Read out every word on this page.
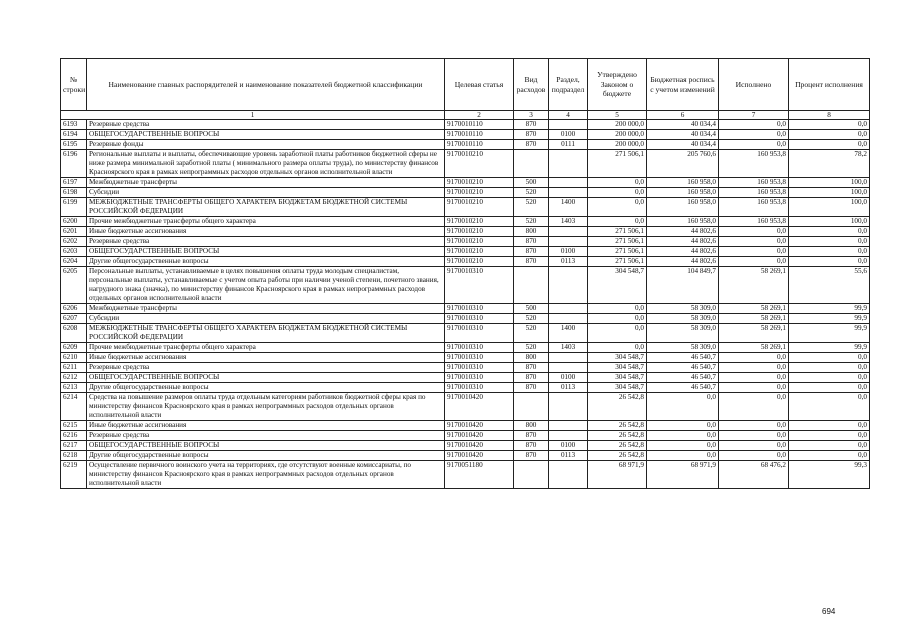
№ строки	Наименование главных распорядителей и наименование показателей бюджетной классификации	Целевая статья	Вид расходов	Раздел, подраздел	Утверждено Законом о бюджете	Бюджетная роспись с учетом изменений	Исполнено	Процент исполнения
1		2	3	4	5	6	7	8
6193	Резервные средства	9170010110	870		200 000,0	40 034,4	0,0	0,0
6194	ОБЩЕГОСУДАРСТВЕННЫЕ ВОПРОСЫ	9170010110	870	0100	200 000,0	40 034,4	0,0	0,0
6195	Резервные фонды	9170010110	870	0111	200 000,0	40 034,4	0,0	0,0
6196	Региональные выплаты и выплаты, обеспечивающие уровень заработной платы работников бюджетной сферы не ниже размера минимальной заработной платы ( минимального размера оплаты труда), по министерству финансов Красноярского края в рамках непрограммных расходов отдельных органов исполнительной власти	9170010210			271 506,1	205 760,6	160 953,8	78,2
6197	Межбюджетные трансферты	9170010210	500		0,0	160 958,0	160 953,8	100,0
6198	Субсидии	9170010210	520		0,0	160 958,0	160 953,8	100,0
6199	МЕЖБЮДЖЕТНЫЕ ТРАНСФЕРТЫ ОБЩЕГО ХАРАКТЕРА БЮДЖЕТАМ БЮДЖЕТНОЙ СИСТЕМЫ РОССИЙСКОЙ ФЕДЕРАЦИИ	9170010210	520	1400	0,0	160 958,0	160 953,8	100,0
6200	Прочие межбюджетные трансферты общего характера	9170010210	520	1403	0,0	160 958,0	160 953,8	100,0
6201	Иные бюджетные ассигнования	9170010210	800		271 506,1	44 802,6	0,0	0,0
6202	Резервные средства	9170010210	870		271 506,1	44 802,6	0,0	0,0
6203	ОБЩЕГОСУДАРСТВЕННЫЕ ВОПРОСЫ	9170010210	870	0100	271 506,1	44 802,6	0,0	0,0
6204	Другие общегосударственные вопросы	9170010210	870	0113	271 506,1	44 802,6	0,0	0,0
6205	Персональные выплаты, устанавливаемые в целях повышения оплаты труда молодым специалистам, персональные выплаты, устанавливаемые с учетом опыта работы при наличии ученой степени, почетного звания, нагрудного знака (значка), по министерству финансов Красноярского края в рамках непрограммных расходов отдельных органов исполнительной власти	9170010310			304 548,7	104 849,7	58 269,1	55,6
6206	Межбюджетные трансферты	9170010310	500		0,0	58 309,0	58 269,1	99,9
6207	Субсидии	9170010310	520		0,0	58 309,0	58 269,1	99,9
6208	МЕЖБЮДЖЕТНЫЕ ТРАНСФЕРТЫ ОБЩЕГО ХАРАКТЕРА БЮДЖЕТАМ БЮДЖЕТНОЙ СИСТЕМЫ РОССИЙСКОЙ ФЕДЕРАЦИИ	9170010310	520	1400	0,0	58 309,0	58 269,1	99,9
6209	Прочие межбюджетные трансферты общего характера	9170010310	520	1403	0,0	58 309,0	58 269,1	99,9
6210	Иные бюджетные ассигнования	9170010310	800		304 548,7	46 540,7	0,0	0,0
6211	Резервные средства	9170010310	870		304 548,7	46 540,7	0,0	0,0
6212	ОБЩЕГОСУДАРСТВЕННЫЕ ВОПРОСЫ	9170010310	870	0100	304 548,7	46 540,7	0,0	0,0
6213	Другие общегосударственные вопросы	9170010310	870	0113	304 548,7	46 540,7	0,0	0,0
6214	Средства на повышение размеров оплаты труда отдельным категориям работников бюджетной сферы края по министерству финансов Красноярского края в рамках непрограммных расходов отдельных органов исполнительной власти	9170010420			26 542,8	0,0	0,0	0,0
6215	Иные бюджетные ассигнования	9170010420	800		26 542,8	0,0	0,0	0,0
6216	Резервные средства	9170010420	870		26 542,8	0,0	0,0	0,0
6217	ОБЩЕГОСУДАРСТВЕННЫЕ ВОПРОСЫ	9170010420	870	0100	26 542,8	0,0	0,0	0,0
6218	Другие общегосударственные вопросы	9170010420	870	0113	26 542,8	0,0	0,0	0,0
6219	Осуществление первичного воинского учета на территориях, где отсутствуют военные комиссариаты, по министерству финансов Красноярского края в рамках непрограммных расходов отдельных органов исполнительной власти	9170051180			68 971,9	68 971,9	68 476,2	99,3
694
